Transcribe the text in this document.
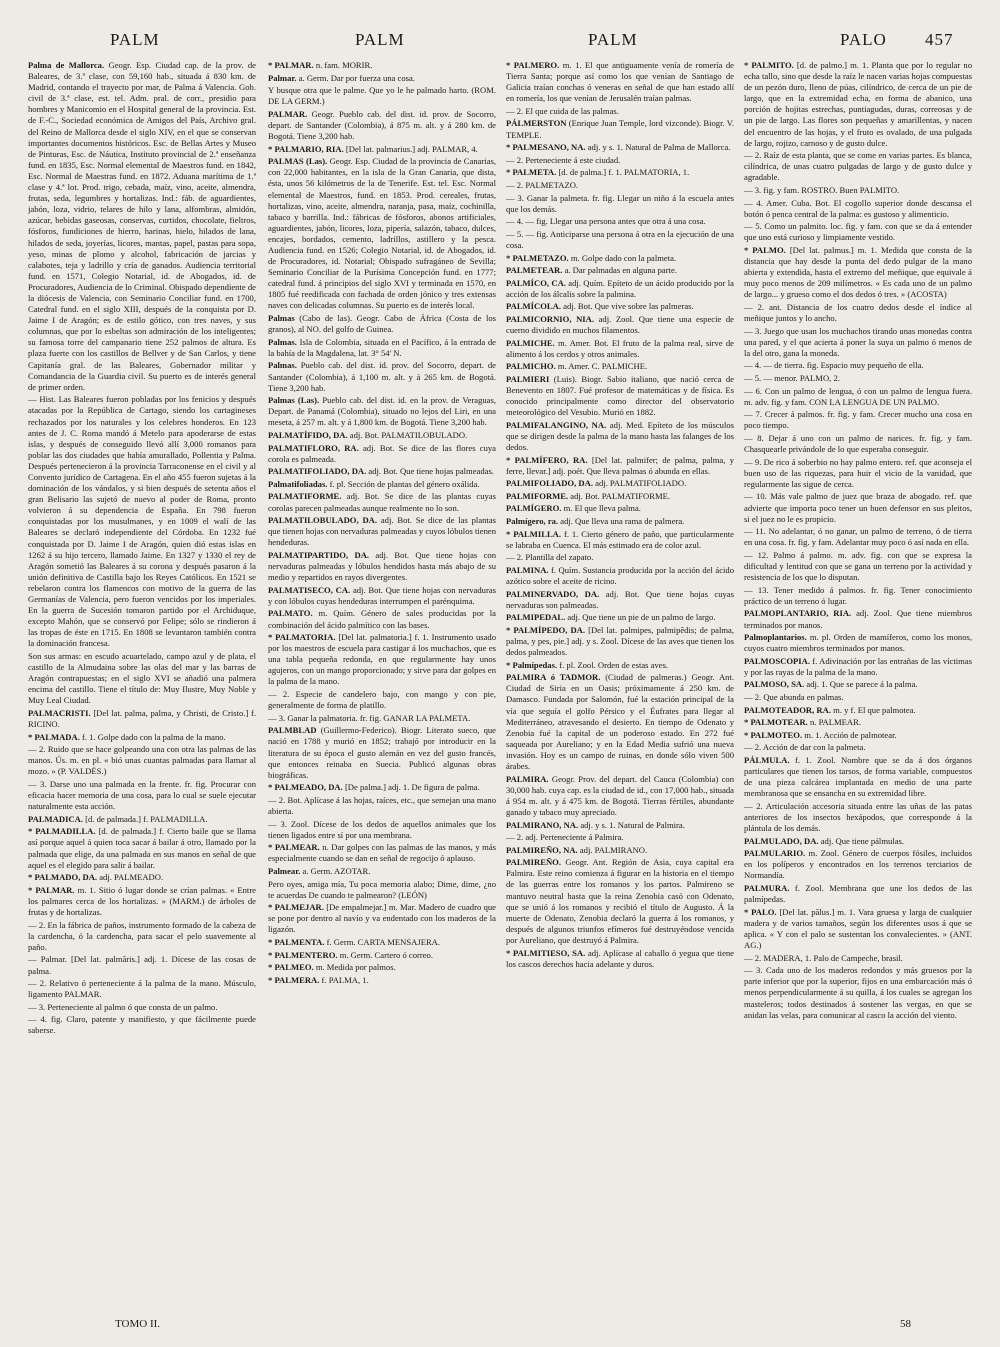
PALM	PALM	PALM	PALO 457

Palma de Mallorca. Geogr. Esp. Ciudad cap. de la prov. de Baleares, de 3.ª clase, con 59,160 hab., situada á 830 km. de Madrid, contando el trayecto por mar, de Palma á Valencia. Gob. civil de 3.ª clase, est. tel. Adm. pral. de corr., presidio para hombres y Manicomio en el Hospital general de la provincia. Est. de F.-C., Sociedad económica de Amigos del País, Archivo gral. del Reino de Mallorca desde el siglo XIV, en el que se conservan importantes documentos históricos. Esc. de Bellas Artes y Museo de Pinturas, Esc. de Náutica, Instituto provincial de 2.ª enseñanza fund. en 1835, Esc. Normal elemental de Maestros fund. en 1842, Esc. Normal de Maestras fund. en 1872. Aduana marítima de 1.ª clase y 4.ª lot. Prod. trigo, cebada, maíz, vino, aceite, almendra, frutas, seda, legumbres y hortalizas. Ind.: fáb. de aguardientes, jabón, loza, vidrio, telares de hilo y lana, alfombras, almidón, azúcar, bebidas gaseosas, conservas, curtidos, chocolate, fieltros, fósforos, fundiciones de hierro, harinas, hielo, hilados de lana, hilados de seda, joyerías, licores, mantas, papel, pastas para sopa, yeso, minas de plomo y alcohol, fabricación de jarcias y calabotes, teja y ladrillo y cría de ganados. Audiencia territorial fund. en 1571, Colegio Notarial, id. de Abogados, id. de Procuradores, Audiencia de lo Criminal. Obispado dependiente de la diócesis de Valencia, con Seminario Conciliar fund. en 1700, Catedral fund. en el siglo XIII, después de la conquista por D. Jaime I de Aragón; es de estilo gótico, con tres naves, y sus columnas, que por lo esbeltas son admiración de los inteligentes; su famosa torre del campanario tiene 252 palmos de altura. Es plaza fuerte con los castillos de Bellver y de San Carlos, y tiene Capitanía gral. de las Baleares, Gobernador militar y Comandancia de la Guardia civil. Su puerto es de interés general de primer orden.

— Hist. Las Baleares fueron pobladas por los fenicios y después atacadas por la República de Cartago, siendo los cartagineses rechazados por los naturales y los celebres honderos. En 123 antes de J. C. Roma mandó á Metelo para apoderarse de estas islas, y después de conseguido llevó allí 3,000 romanos para poblar las dos ciudades que había amurallado, Pollentia y Palma. Después pertenecieron á la provincia Tarraconense en el civil y al Convento jurídico de Cartagena. En el año 455 fueron sujetas á la dominación de los vándalos, y si bien después de setenta años el gran Belisario las sujetó de nuevo al poder de Roma, pronto volvieron á su dependencia de España. En 798 fueron conquistadas por los musulmanes, y en 1009 el walí de las Baleares se declaró independiente del Córdoba. En 1232 fué conquistada por D. Jaime I de Aragón, quien dió estas islas en 1262 á su hijo tercero, llamado Jaime. En 1327 y 1330 el rey de Aragón sometió las Baleares á su corona y después pasaron á la unión definitiva de Castilla bajo los Reyes Católicos. En 1521 se rebelaron contra los flamencos con motivo de la guerra de las Germanías de Valencia, pero fueron vencidos por los imperiales. En la guerra de Sucesión tomaron partido por el Archiduque, excepto Mahón, que se conservó por Felipe; sólo se rindieron á las tropas de éste en 1715. En 1808 se levantaron también contra la dominación francesa.

Son sus armas: en escudo acuartelado, campo azul y de plata, el castillo de la Almudaina sobre las olas del mar y las barras de Aragón contrapuestas; en el siglo XVI se añadió una palmera encima del castillo. Tiene el título de: Muy Ilustre, Muy Noble y Muy Leal Ciudad.

PALMACRISTI. [Del lat. palma, palma, y Christi, de Cristo.] f. RICINO.

* PALMADA. f. 1. Golpe dado con la palma de la mano.

— 2. Ruido que se hace golpeando una con otra las palmas de las manos. Ús. m. en pl. « bió unas cuantas palmadas para llamar al mozo. » (P. VALDÉS.)

— 3. Darse uno una palmada en la frente. fr. fig. Procurar con eficacia hacer memoria de una cosa, para lo cual se suele ejecutar naturalmente esta acción.

PALMADICA. [d. de palmada.] f. PALMADILLA.

* PALMADILLA. [d. de palmada.] f. Cierto baile que se llama así porque aquel á quien toca sacar á bailar á otro, llamado por la palmada que elige, da una palmada en sus manos en señal de que aquel es el elegido para salir á bailar.

* PALMADO, DA. adj. PALMEADO.

* PALMAR. m. 1. Sitio ó lugar donde se crían palmas. « Entre los palmares cerca de los hortalizas. » (MARM.) de árboles de frutas y de hortalizas.

— 2. En la fábrica de paños, instrumento formado de la cabeza de la cardencha, ó la cardencha, para sacar el pelo suavemente al paño.

— Palmar. [Del lat. palmāris.] adj. 1. Dícese de las cosas de palma.

— 2. Relativo ó perteneciente á la palma de la mano. Músculo, ligamento PALMAR.

— 3. Perteneciente al palmo ó que consta de un palmo.

— 4. fig. Claro, patente y manifiesto, y que fácilmente puede saberse.

* PALMAR. n. fam. MORIR.

Palmar. a. Germ. Dar por fuerza una cosa.

Y busque otra que le palme. Que yo le he palmado harto. (ROM. DE LA GERM.)

PALMAR. Geogr. Pueblo cab. del dist. id. prov. de Socorro, depart. de Santander (Colombia), á 875 m. alt. y á 280 km. de Bogotá. Tiene 3,200 hab.

* PALMARIO, RIA. [Del lat. palmarius.] adj. PALMAR, 4.

PALMAS (Las). Geogr. Esp. Ciudad de la provincia de Canarias, con 22,000 habitantes, en la isla de la Gran Canaria, que dista, ésta, unos 56 kilómetros de la de Tenerife. Est. tel. Esc. Normal elemental de Maestros, fund. en 1853. Prod. cereales, frutas, hortalizas, vino, aceite, almendra, naranja, pasa, maíz, cochinilla, tabaco y barrilla. Ind.: fábricas de fósforos, abonos artificiales, aguardientes, jabón, licores, loza, pipería, salazón, tabaco, dulces, encajes, bordados, cemento, ladrillos, astillero y la pesca. Audiencia fund. en 1526; Colegio Notarial, id. de Abogados, id. de Procuradores, id. Notarial; Obispado sufragáneo de Sevilla; Seminario Conciliar de la Purísima Concepción fund. en 1777; catedral fund. á principios del siglo XVI y terminada en 1570, en 1805 fué reedificada con fachada de orden jónico y tres extensas naves con delicadas columnas. Su puerto es de interés local.

Palmas (Cabo de las). Geogr. Cabo de África (Costa de los granos), al NO. del golfo de Guinea.

Palmas. Isla de Colombia, situada en el Pacífico, á la entrada de la bahía de la Magdalena, lat. 3° 54' N.

Palmas. Pueblo cab. del dist. id. prov. del Socorro, depart. de Santander (Colombia), á 1,100 m. alt. y á 265 km. de Bogotá. Tiene 3,200 hab.

Palmas (Las). Pueblo cab. del dist. id. en la prov. de Veraguas, Depart. de Panamá (Colombia), situado no lejos del Liri, en una meseta, á 257 m. alt. y á 1,800 km. de Bogotá. Tiene 3,200 hab.

PALMATÍFIDO, DA. adj. Bot. PALMATILOBULADO.

PALMATIFLORO, RA. adj. Bot. Se dice de las flores cuya corola es palmeada.

PALMATIFOLIADO, DA. adj. Bot. Que tiene hojas palmeadas.

Palmatifoliadas. f. pl. Sección de plantas del género oxálida.

PALMATIFORME. adj. Bot. Se dice de las plantas cuyas corolas parecen palmeadas aunque realmente no lo son.

PALMATILOBULADO, DA. adj. Bot. Se dice de las plantas que tienen hojas con nervaduras palmeadas y cuyos lóbulos tienen hendeduras.

PALMATIPARTIDO, DA. adj. Bot. Que tiene hojas con nervaduras palmeadas y lóbulos hendidos hasta más abajo de su medio y repartidos en rayos divergentes.

PALMATISECO, CA. adj. Bot. Que tiene hojas con nervaduras y con lóbulos cuyas hendeduras interrumpen el parénquima.

PALMATO. m. Quím. Género de sales producidas por la combinación del ácido palmítico con las bases.

* PALMATORIA. [Del lat. palmatoria.] f. 1. Instrumento usado por los maestros de escuela para castigar á los muchachos, que es una tabla pequeña redonda, en que regularmente hay unos agujeros, con un mango proporcionado; y sirve para dar golpes en la palma de la mano.

— 2. Especie de candelero bajo, con mango y con pie, generalmente de forma de platillo.

— 3. Ganar la palmatoria. fr. fig. GANAR LA PALMETA.

PALMBLAD (Guillermo-Federico). Biogr. Literato sueco, que nació en 1788 y murió en 1852; trabajó por introducir en la literatura de su época el gusto alemán en vez del gusto francés, que entonces reinaba en Suecia. Publicó algunas obras biográficas.

* PALMEADO, DA. [De palma.] adj. 1. De figura de palma.

— 2. Bot. Aplícase á las hojas, raíces, etc., que semejan una mano abierta.

— 3. Zool. Dícese de los dedos de aquellos animales que los tienen ligados entre sí por una membrana.

* PALMEAR. n. Dar golpes con las palmas de las manos, y más especialmente cuando se dan en señal de regocijo ó aplauso.

Palmear. a. Germ. AZOTAR.

Pero oyes, amiga mía, Tu poca memoria alabo; Dime, dime, ¿no te acuerdas De cuando te palmearon? (LEÓN)

* PALMEJAR. [De empalmejar.] m. Mar. Madero de cuadro que se pone por dentro al navío y va endentado con los maderos de la ligazón.

* PALMENTA. f. Germ. CARTA MENSAJERA.

* PALMENTERO. m. Germ. Cartero ó correo.

* PALMEO. m. Medida por palmos.

* PALMERA. f. PALMA, 1.

* PALMERO. m. 1. El que antiguamente venía de romería de Tierra Santa; porque así como los que venían de Santiago de Galicia traían conchas ó veneras en señal de que han estado allí en romería, los que venían de Jerusalén traían palmas.

— 2. El que cuida de las palmas.

PÁLMERSTON (Enrique Juan Temple, lord vizconde). Biogr. V. TEMPLE.

* PALMESANO, NA. adj. y s. 1. Natural de Palma de Mallorca.

— 2. Perteneciente á este ciudad.

* PALMETA. [d. de palma.] f. 1. PALMATORIA, 1.

— 2. PALMETAZO.

— 3. Ganar la palmeta. fr. fig. Llegar un niño á la escuela antes que los demás.

— 4. — fig. Llegar una persona antes que otra á una cosa.

— 5. — fig. Anticiparse una persona á otra en la ejecución de una cosa.

* PALMETAZO. m. Golpe dado con la palmeta.

PALMETEAR. a. Dar palmadas en alguna parte.

PALMÍCO, CA. adj. Quím. Epíteto de un ácido producido por la acción de los álcalis sobre la palmina.

PALMÍCOLA. adj. Bot. Que vive sobre las palmeras.

PALMICORNIO, NIA. adj. Zool. Que tiene una especie de cuerno dividido en muchos filamentos.

PALMICHE. m. Amer. Bot. El fruto de la palma real, sirve de alimento á los cerdos y otros animales.

PALMICHO. m. Amer. C. PALMICHE.

PALMIERI (Luis). Biogr. Sabio italiano, que nació cerca de Benevento en 1807. Fué profesor de matemáticas y de física. Es conocido principalmente como director del observatorio meteorológico del Vesubio. Murió en 1882.

PALMIFALANGINO, NA. adj. Med. Epíteto de los músculos que se dirigen desde la palma de la mano hasta las falanges de los dedos.

* PALMÍFERO, RA. [Del lat. palmifer; de palma, palma, y ferre, llevar.] adj. poét. Que lleva palmas ó abunda en ellas.

PALMIFOLIADO, DA. adj. PALMATIFOLIADO.

PALMIFORME. adj. Bot. PALMATIFORME.

PALMÍGERO. m. El que lleva palma.

Palmígero, ra. adj. Que lleva una rama de palmera.

* PALMILLA. f. 1. Cierto género de paño, que particularmente se labraba en Cuenca. El más estimado era de color azul.

— 2. Plantilla del zapato.

PALMINA. f. Quím. Sustancia producida por la acción del ácido azótico sobre el aceite de ricino.

PALMINERVADO, DA. adj. Bot. Que tiene hojas cuyas nervaduras son palmeadas.

PALMIPEDAL. adj. Que tiene un pie de un palmo de largo.

* PALMÍPEDO, DA. [Del lat. palmipes, palmipēdis; de palma, palma, y pes, pie.] adj. y s. Zool. Dícese de las aves que tienen los dedos palmeados.

* Palmípedas. f. pl. Zool. Orden de estas aves.

PALMIRA ó TADMOR. (Ciudad de palmeras.) Geogr. Ant. Ciudad de Siria en un Oasis; próximamente á 250 km. de Damasco. Fundada por Salomón, fué la estación principal de la vía que seguía el golfo Pérsico y el Éufrates para llegar al Mediterráneo, atravesando el desierto. En tiempo de Odenato y Zenobia fué la capital de un poderoso estado. En 272 fué saqueada por Aureliano; y en la Edad Media sufrió una nueva invasión. Hoy es un campo de ruinas, en donde sólo viven 500 árabes.

PALMIRA. Geogr. Prov. del depart. del Cauca (Colombia) con 30,000 hab. cuya cap. es la ciudad de id., con 17,000 hab., situada á 954 m. alt. y á 475 km. de Bogotá. Tierras fértiles, abundante ganado y tabaco muy apreciado.

PALMIRANO, NA. adj. y s. 1. Natural de Palmira.

— 2. adj. Perteneciente á Palmira.

PALMIREÑO, NA. adj. PALMIRANO.

PALMIREÑO. Geogr. Ant. Región de Asia, cuya capital era Palmira. Este reino comienza á figurar en la historia en el tiempo de las guerras entre los romanos y los partos. Palmireno se mantuvo neutral hasta que la reina Zenobia casó con Odenato, que se unió á los romanos y recibió el título de Augusto. Á la muerte de Odenato, Zenobia declaró la guerra á los romanos, y después de algunos triunfos efímeros fué destruyéndose vencida por Aureliano, que destruyó á Palmira.

* PALMITIESO, SA. adj. Aplícase al caballo ó yegua que tiene los cascos derechos hacia adelante y duros.

* PALMITO. [d. de palmo.] m. 1. Planta que por lo regular no echa tallo, sino que desde la raíz le nacen varias hojas compuestas de un pezón duro, lleno de púas, cilíndrico, de cerca de un pie de largo, que en la extremidad echa, en forma de abanico, una porción de hojitas estrechas, puntiagudas, duras, correosas y de un pie de largo. Las flores son pequeñas y amarillentas, y nacen del encuentro de las hojas, y el fruto es ovalado, de una pulgada de largo, rojizo, carnoso y de gusto dulce.

— 2. Raíz de esta planta, que se come en varias partes. Es blanca, cilíndrica, de unas cuatro pulgadas de largo y de gusto dulce y agradable.

— 3. fig. y fam. ROSTRO. Buen PALMITO.

— 4. Amer. Cuba. Bot. El cogollo superior donde descansa el botón ó penca central de la palma: es gustoso y alimenticio.

— 5. Como un palmito. loc. fig. y fam. con que se da á entender que uno está curioso y limpiamente vestido.

* PALMO. [Del lat. palmus.] m. 1. Medida que consta de la distancia que hay desde la punta del dedo pulgar de la mano abierta y extendida, hasta el extremo del meñique, que equivale á muy poco menos de 209 milímetros. « Es cada uno de un palmo de largo... y grueso como el dos dedos ó tres. » (ACOSTA)

— 2. ant. Distancia de los cuatro dedos desde el índice al meñique juntos y lo ancho.

— 3. Juego que usan los muchachos tirando unas monedas contra una pared, y el que acierta á poner la suya un palmo ó menos de la del otro, gana la moneda.

— 4. — de tierra. fig. Espacio muy pequeño de ella.

— 5. — menor. PALMO, 2.

— 6. Con un palmo de lengua, ó con un palmo de lengua fuera. m. adv. fig. y fam. CON LA LENGUA DE UN PALMO.

— 7. Crecer á palmos. fr. fig. y fam. Crecer mucho una cosa en poco tiempo.

— 8. Dejar á uno con un palmo de narices. fr. fig. y fam. Chasquearle privándole de lo que esperaba conseguir.

— 9. De rico á soberbio no hay palmo entero. ref. que aconseja el buen uso de las riquezas, para huir el vicio de la vanidad, que regularmente las sigue de cerca.

— 10. Más vale palmo de juez que braza de abogado. ref. que advierte que importa poco tener un buen defensor en sus pleitos, si el juez no le es propicio.

— 11. No adelantar, ó no ganar, un palmo de terreno, ó de tierra en una cosa. fr. fig. y fam. Adelantar muy poco ó así nada en ella.

— 12. Palmo á palmo. m. adv. fig. con que se expresa la dificultad y lentitud con que se gana un terreno por la actividad y resistencia de los que lo disputan.

— 13. Tener medido á palmos. fr. fig. Tener conocimiento práctico de un terreno ó lugar.

PALMOPLANTARIO, RIA. adj. Zool. Que tiene miembros terminados por manos.

Palmoplantarios. m. pl. Orden de mamíferos, como los monos, cuyos cuatro miembros terminados por manos.

PALMOSCOPIA. f. Adivinación por las entrañas de las víctimas y por las rayas de la palma de la mano.

PALMOSO, SA. adj. 1. Que se parece á la palma.

— 2. Que abunda en palmas.

PALMOTEADOR, RA. m. y f. El que palmotea.

* PALMOTEAR. n. PALMEAR.

* PALMOTEO. m. 1. Acción de palmotear.

— 2. Acción de dar con la palmeta.

PÁLMULA. f. 1. Zool. Nombre que se da á dos órganos particulares que tienen los tarsos, de forma variable, compuestos de una pieza calcárea implantada en medio de una parte membranosa que se ensancha en su extremidad libre.

— 2. Articulación accesoria situada entre las uñas de las patas anteriores de los insectos hexápodos, que corresponde á la plántula de los demás.

PALMULADO, DA. adj. Que tiene pálmulas.

PALMULARIO. m. Zool. Género de cuerpos fósiles, incluidos en los políperos y encontrados en los terrenos terciarios de Normandía.

PALMURA. f. Zool. Membrana que une los dedos de las palmípedas.

* PALO. [Del lat. pālus.] m. 1. Vara gruesa y larga de cualquier madera y de varios tamaños, según los diferentes usos á que se aplica. « Y con el palo se sustentan los convalecientes. » (ANT. AG.)

— 2. MADERA, 1. Palo de Campeche, brasil.

— 3. Cada uno de los maderos redondos y más gruesos por la parte inferior que por la superior, fijos en una embarcación más ó menos perpendicularmente á su quilla, á los cuales se agregan los masteleros; todos destinados á sostener las vergas, en que se anidan las velas, para comunicar al casco la acción del viento.

TOMO II.	58
